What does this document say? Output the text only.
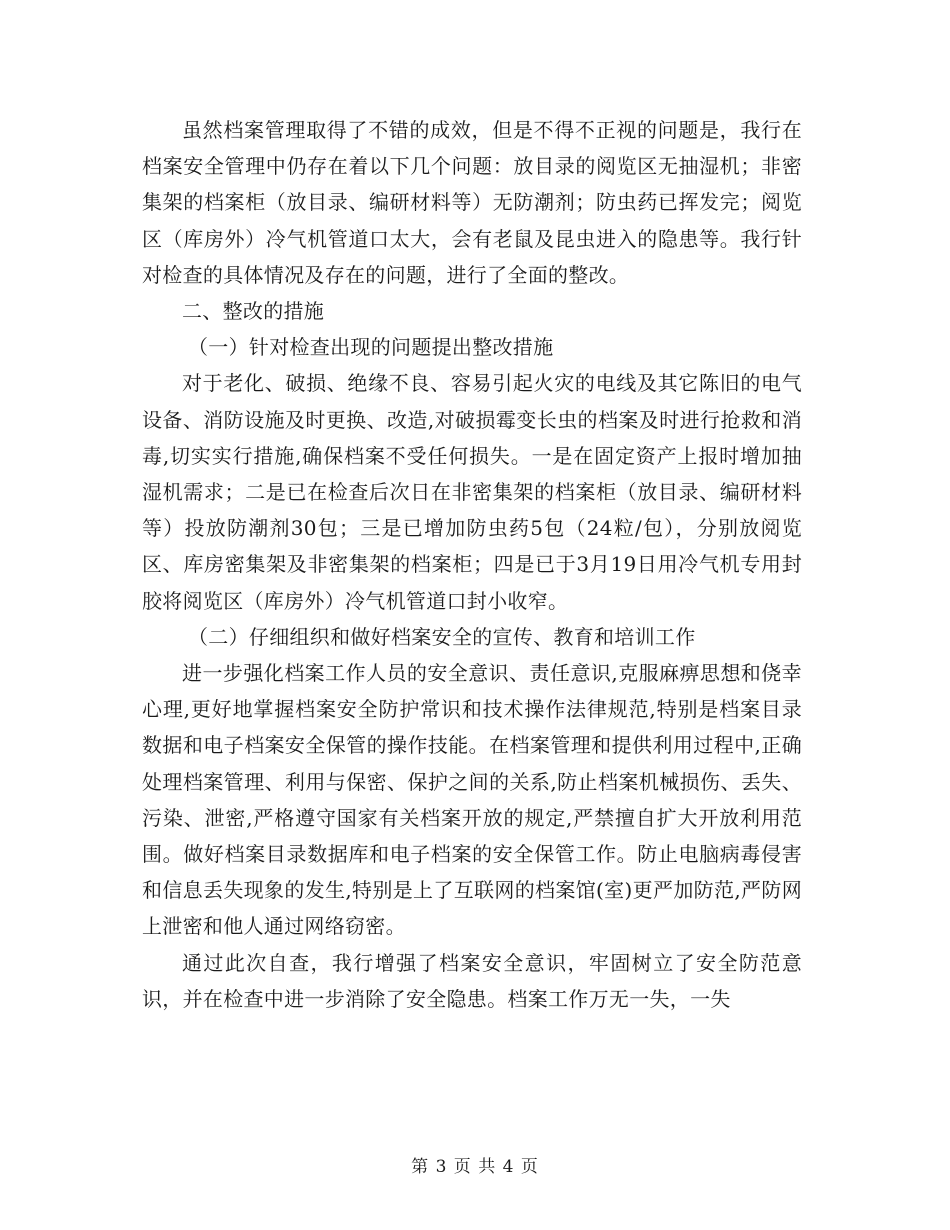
虽然档案管理取得了不错的成效，但是不得不正视的问题是，我行在档案安全管理中仍存在着以下几个问题：放目录的阅览区无抽湿机；非密集架的档案柜（放目录、编研材料等）无防潮剂；防虫药已挥发完；阅览区（库房外）冷气机管道口太大，会有老鼠及昆虫进入的隐患等。我行针对检查的具体情况及存在的问题，进行了全面的整改。

二、整改的措施

（一）针对检查出现的问题提出整改措施

对于老化、破损、绝缘不良、容易引起火灾的电线及其它陈旧的电气设备、消防设施及时更换、改造,对破损霉变长虫的档案及时进行抢救和消毒,切实实行措施,确保档案不受任何损失。一是在固定资产上报时增加抽湿机需求；二是已在检查后次日在非密集架的档案柜（放目录、编研材料等）投放防潮剂30包；三是已增加防虫药5包（24粒/包），分别放阅览区、库房密集架及非密集架的档案柜；四是已于3月19日用冷气机专用封胶将阅览区（库房外）冷气机管道口封小收窄。

（二）仔细组织和做好档案安全的宣传、教育和培训工作

进一步强化档案工作人员的安全意识、责任意识,克服麻痹思想和侥幸心理,更好地掌握档案安全防护常识和技术操作法律规范,特别是档案目录数据和电子档案安全保管的操作技能。在档案管理和提供利用过程中,正确处理档案管理、利用与保密、保护之间的关系,防止档案机械损伤、丢失、污染、泄密,严格遵守国家有关档案开放的规定,严禁擅自扩大开放利用范围。做好档案目录数据库和电子档案的安全保管工作。防止电脑病毒侵害和信息丢失现象的发生,特别是上了互联网的档案馆(室)更严加防范,严防网上泄密和他人通过网络窃密。

通过此次自查，我行增强了档案安全意识，牢固树立了安全防范意识，并在检查中进一步消除了安全隐患。档案工作万无一失，一失

第 3 页 共 4 页
